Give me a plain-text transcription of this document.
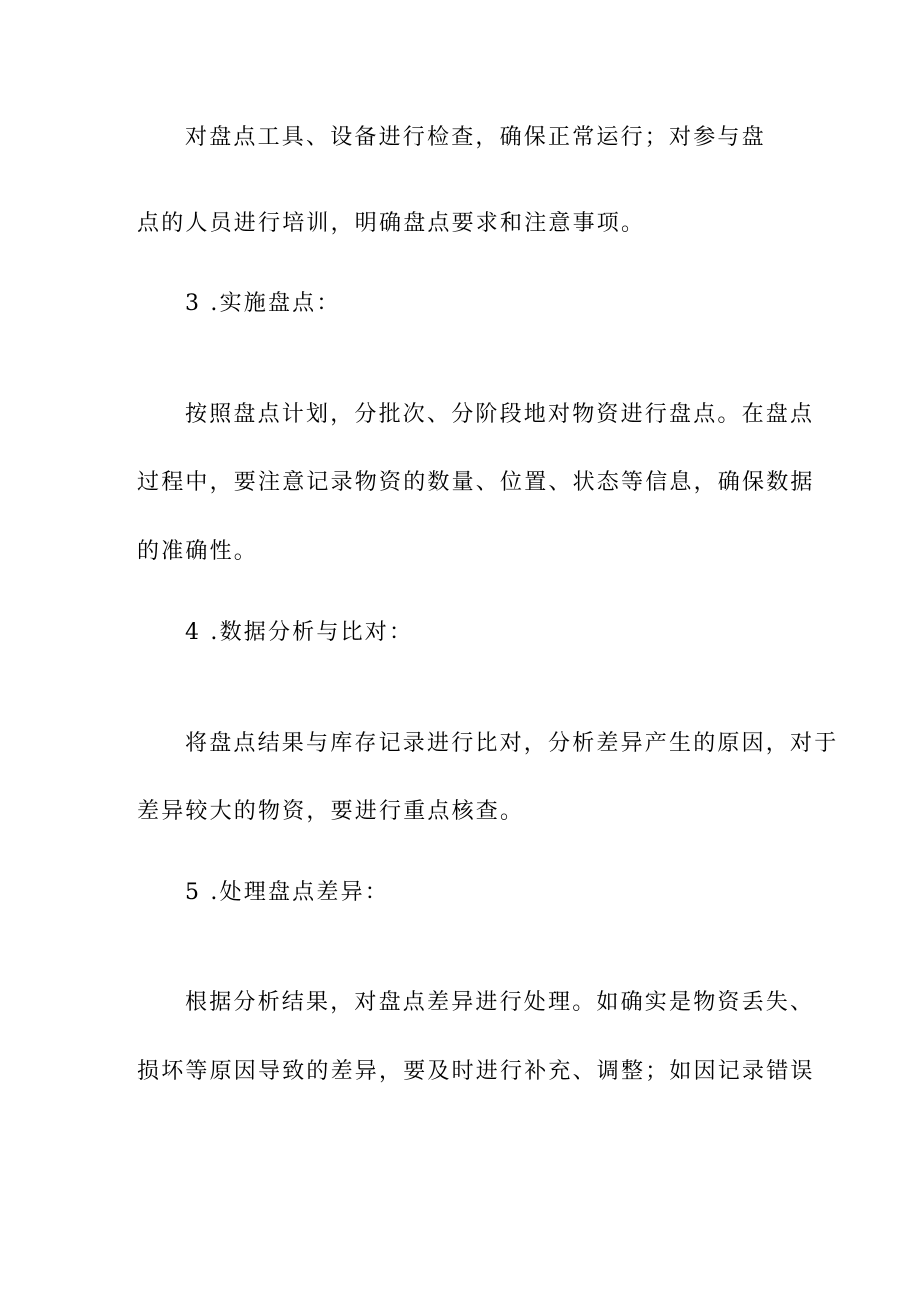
对盘点工具、设备进行检查，确保正常运行；对参与盘
点的人员进行培训，明确盘点要求和注意事项。
3 .实施盘点：
按照盘点计划，分批次、分阶段地对物资进行盘点。在盘点
过程中，要注意记录物资的数量、位置、状态等信息，确保数据
的准确性。
4 .数据分析与比对：
将盘点结果与库存记录进行比对，分析差异产生的原因，对于
差异较大的物资，要进行重点核查。
5 .处理盘点差异：
根据分析结果，对盘点差异进行处理。如确实是物资丢失、
损坏等原因导致的差异，要及时进行补充、调整；如因记录错误
